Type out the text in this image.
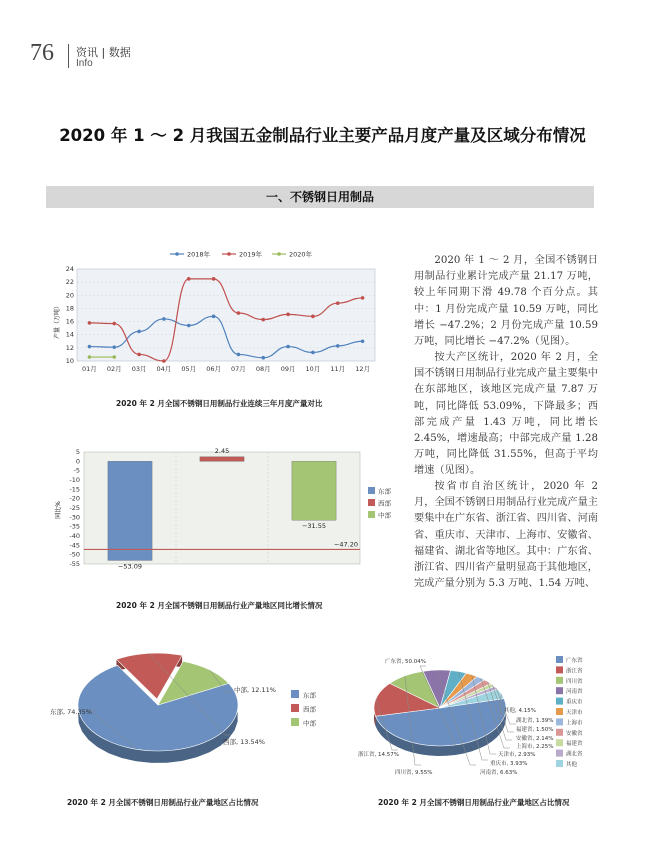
76 资讯 | 数据
Info
2020 年 1 ～ 2 月我国五金制品行业主要产品月度产量及区域分布情况
一、不锈钢日用制品

2020 年 1 ～ 2 月，全国不锈钢日用制品行业累计完成产量 21.17 万吨，较上年同期下滑 49.78 个百分点。其中：1 月份完成产量 10.59 万吨，同比增长 −47.2%；2 月份完成产量 10.59 万吨，同比增长 −47.2%（见图）。

按大产区统计，2020 年 2 月，全国不锈钢日用制品行业完成产量主要集中在东部地区，该地区完成产量 7.87 万吨，同比降低 53.09%，下降最多；西部完成产量 1.43 万吨，同比增长 2.45%，增速最高；中部完成产量 1.28 万吨，同比降低 31.55%，但高于平均增速（见图）。

按省市自治区统计，2020 年 2 月，全国不锈钢日用制品行业完成产量主要集中在广东省、浙江省、四川省、河南省、重庆市、天津市、上海市、安徽省、福建省、湖北省等地区。其中：广东省、浙江省、四川省产量明显高于其他地区，完成产量分别为 5.3 万吨、1.54 万吨、

2018年	2019年	2020年
产量（万吨）
10
12
14
16
18
20
22
24
01月 02月 03月 04月 05月 06月 07月 08月 09月 10月 11月 12月
2020 年 2 月全国不锈钢日用制品行业连续三年月度产量对比
同比%
5
0
-5
-10
-15
-20
-25
-30
-35
-40
-45
-50
-55	−53.09
2.45
−31.55
−47.20
东部
西部
中部
2020 年 2 月全国不锈钢日用制品行业产量地区同比增长情况
东部, 74.35%
西部, 13.54%
中部, 12.11%
东部
西部
中部
2020 年 2 月全国不锈钢日用制品行业产量地区占比情况
广东省, 50.04%
浙江省, 14.57%
四川省, 9.55%	河南省, 6.63%
重庆市, 3.93%
天津市, 2.93%
上海市, 2.25%
安徽省, 2.14%
福建省, 1.50%
湖北省, 1.39%
其他, 4.15%
广东省
浙江省
四川省
河南省
重庆市
天津市
上海市
安徽省
福建省
湖北省
其他
2020 年 2 月全国不锈钢日用制品行业产量地区占比情况
